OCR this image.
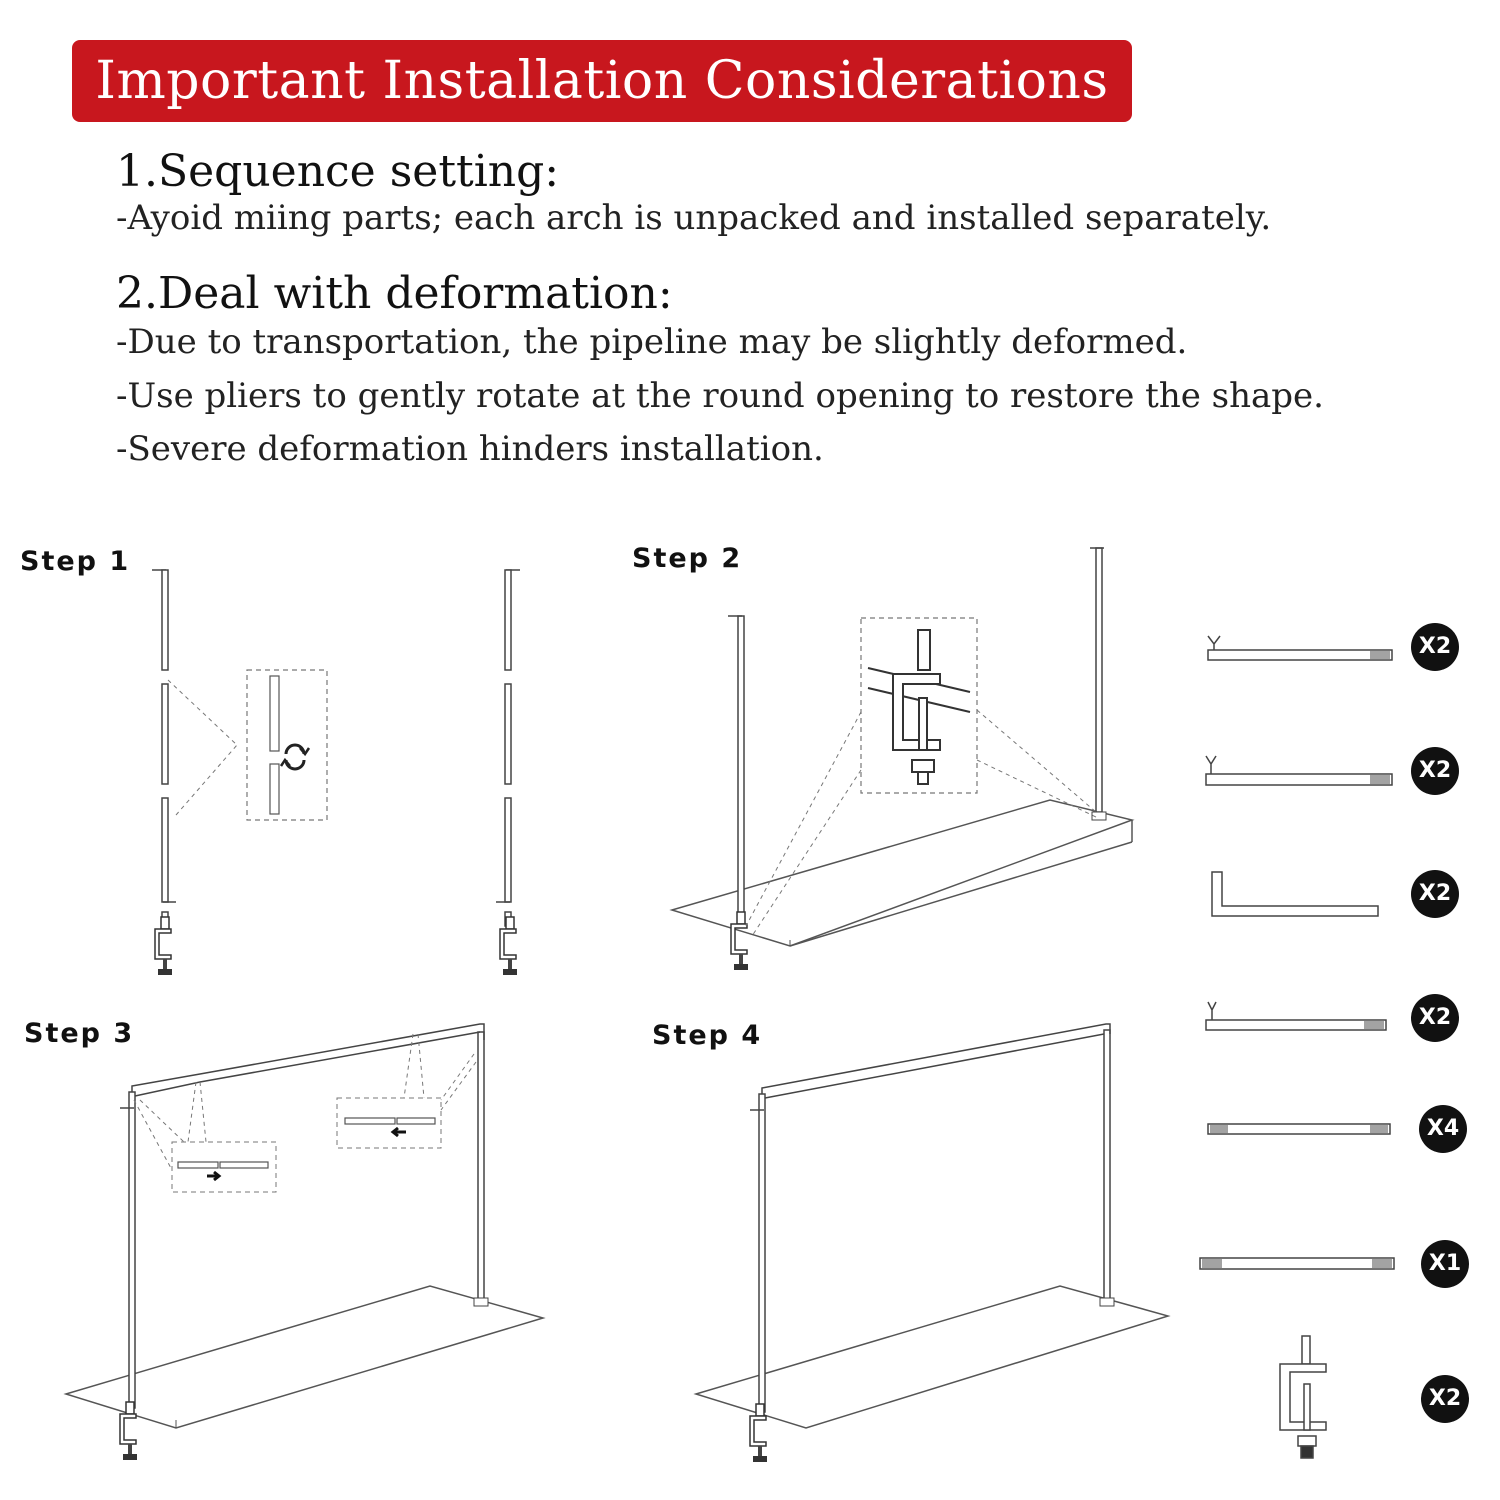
Important Installation Considerations
1.Sequence setting:
-Ayoid miing parts; each arch is unpacked and installed separately.
2.Deal with deformation:
-Due to transportation, the pipeline may be slightly deformed.
-Use pliers to gently rotate at the round opening to restore the shape.
-Severe deformation hinders installation.
Step 1	Step 2
Step 3	Step 4
X2
X2
X2
X2
X4
X1
X2
